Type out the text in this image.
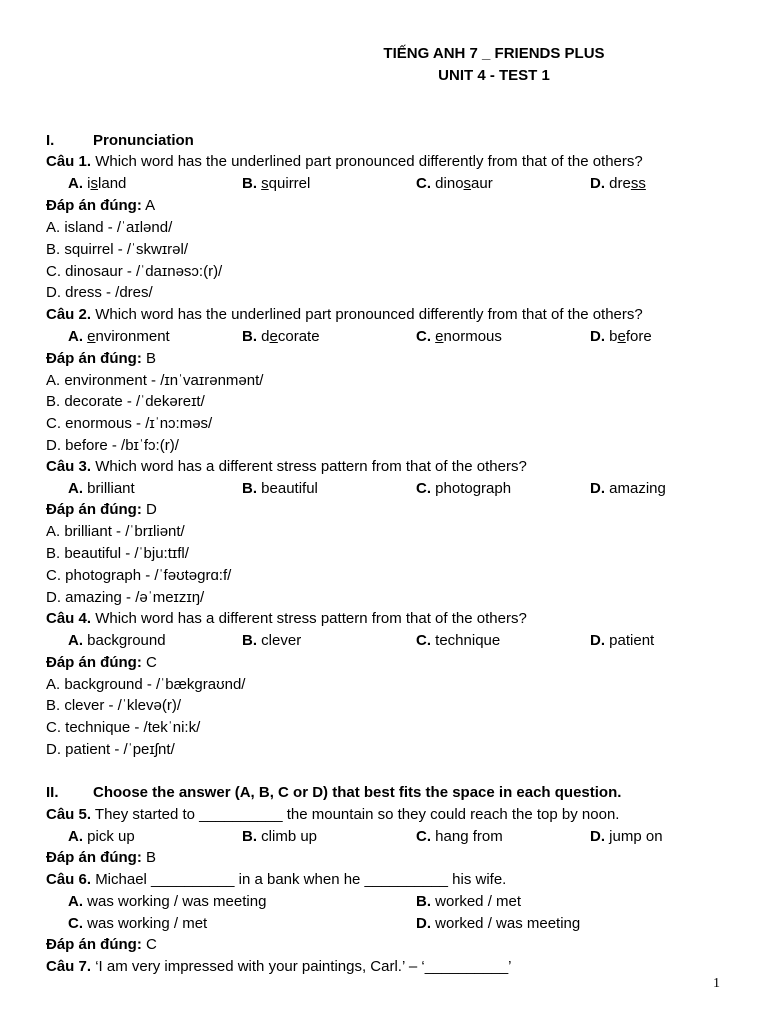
TIẾNG ANH 7 _ FRIENDS PLUS
UNIT 4 - TEST 1
I.	Pronunciation
Câu 1. Which word has the underlined part pronounced differently from that of the others?
A. island	B. squirrel	C. dinosaur	D. dress
Đáp án đúng: A
A. island - /ˈaɪlənd/
B. squirrel - /ˈskwɪrəl/
C. dinosaur - /ˈdaɪnəsɔ:(r)/
D. dress - /dres/
Câu 2. Which word has the underlined part pronounced differently from that of the others?
A. environment	B. decorate	C. enormous	D. before
Đáp án đúng: B
A. environment - /ɪnˈvaɪrənmənt/
B. decorate - /ˈdekəreɪt/
C. enormous - /ɪˈnɔ:məs/
D. before - /bɪˈfɔ:(r)/
Câu 3. Which word has a different stress pattern from that of the others?
A. brilliant	B. beautiful	C. photograph	D. amazing
Đáp án đúng: D
A. brilliant - /ˈbrɪliənt/
B. beautiful - /ˈbju:tɪfl/
C. photograph - /ˈfəʊtəgrɑ:f/
D. amazing - /əˈmeɪzɪŋ/
Câu 4. Which word has a different stress pattern from that of the others?
A. background	B. clever	C. technique	D. patient
Đáp án đúng: C
A. background - /ˈbækgraʊnd/
B. clever - /ˈklevə(r)/
C. technique - /tekˈni:k/
D. patient - /ˈpeɪʃnt/
II. Choose the answer (A, B, C or D) that best fits the space in each question.
Câu 5. They started to __________ the mountain so they could reach the top by noon.
A. pick up	B. climb up	C. hang from	D. jump on
Đáp án đúng: B
Câu 6. Michael __________ in a bank when he __________ his wife.
A. was working / was meeting	B. worked / met
C. was working / met	D. worked / was meeting
Đáp án đúng: C
Câu 7. ‘I am very impressed with your paintings, Carl.’ – ‘__________’
1
